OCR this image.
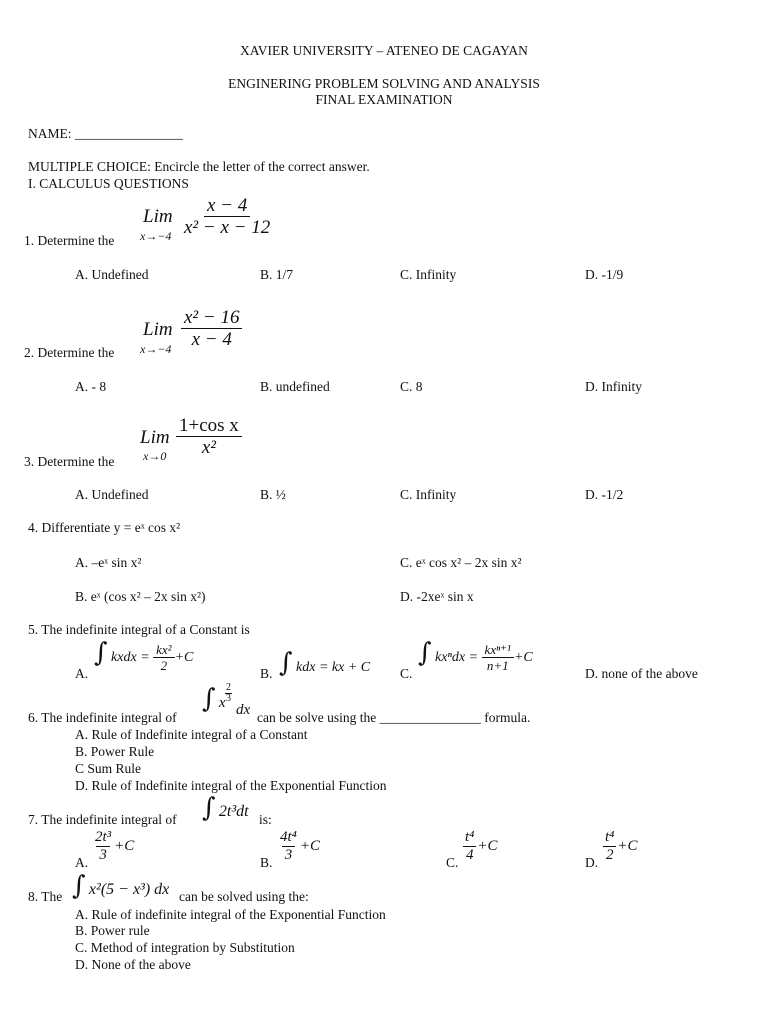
XAVIER UNIVERSITY – ATENEO DE CAGAYAN
ENGINERING PROBLEM SOLVING AND ANALYSIS
FINAL EXAMINATION
NAME: ________________
MULTIPLE CHOICE: Encircle the letter of the correct answer.
I. CALCULUS QUESTIONS
1. Determine the
Lim
$x\to-4 \frac{x - 4}{\text{x² − x − 12}}$
A. Undefined	B. 1/7	C. Infinity	D. -1/9
2. Determine the
Lim
$x\to-4 \frac{\text{x² − 16}}{x - 4}$
A. - 8	B. undefined	C. 8	D. Infinity
3. Determine the
Lim
$x\to 0 \frac{\text{1+cos x}}{\text{x²}}$
A. Undefined	B. ½	C. Infinity	D. -1/2
4. Differentiate y = eˣ cos x²
A. –eˣ sin x²	C. eˣ cos x² – 2x sin x²
B. eˣ (cos x² – 2x sin x²)	D. -2xeˣ sin x
5. The indefinite integral of a Constant is
A.
∫ kxdx = $\frac{\text{kx²}}{2} +C$
B. ∫ kdx = kx + C C.
∫ $kx^ndx = \frac{\text{kxⁿ⁺¹}}{n+1} +C$
D. none of the above
6. The indefinite integral of
∫ x $\frac{2}{3}$
dx can be solve using the _______________ formula.
A. Rule of Indefinite integral of a Constant
B. Power Rule
C Sum Rule
D. Rule of Indefinite integral of the Exponential Function
7. The indefinite integral of ∫ 2t³dt is:
A. $\frac{\text{2t³}}{3} +C$
B. $\frac{\text{4t⁴}}{3} +C$
C. $\frac{\text{t⁴}}{4} +C$
D. $\frac{\text{t⁴}}{2} +C$
8. The ∫ x²(5 − x³) dx can be solved using the:
A. Rule of indefinite integral of the Exponential Function
B. Power rule
C. Method of integration by Substitution
D. None of the above
